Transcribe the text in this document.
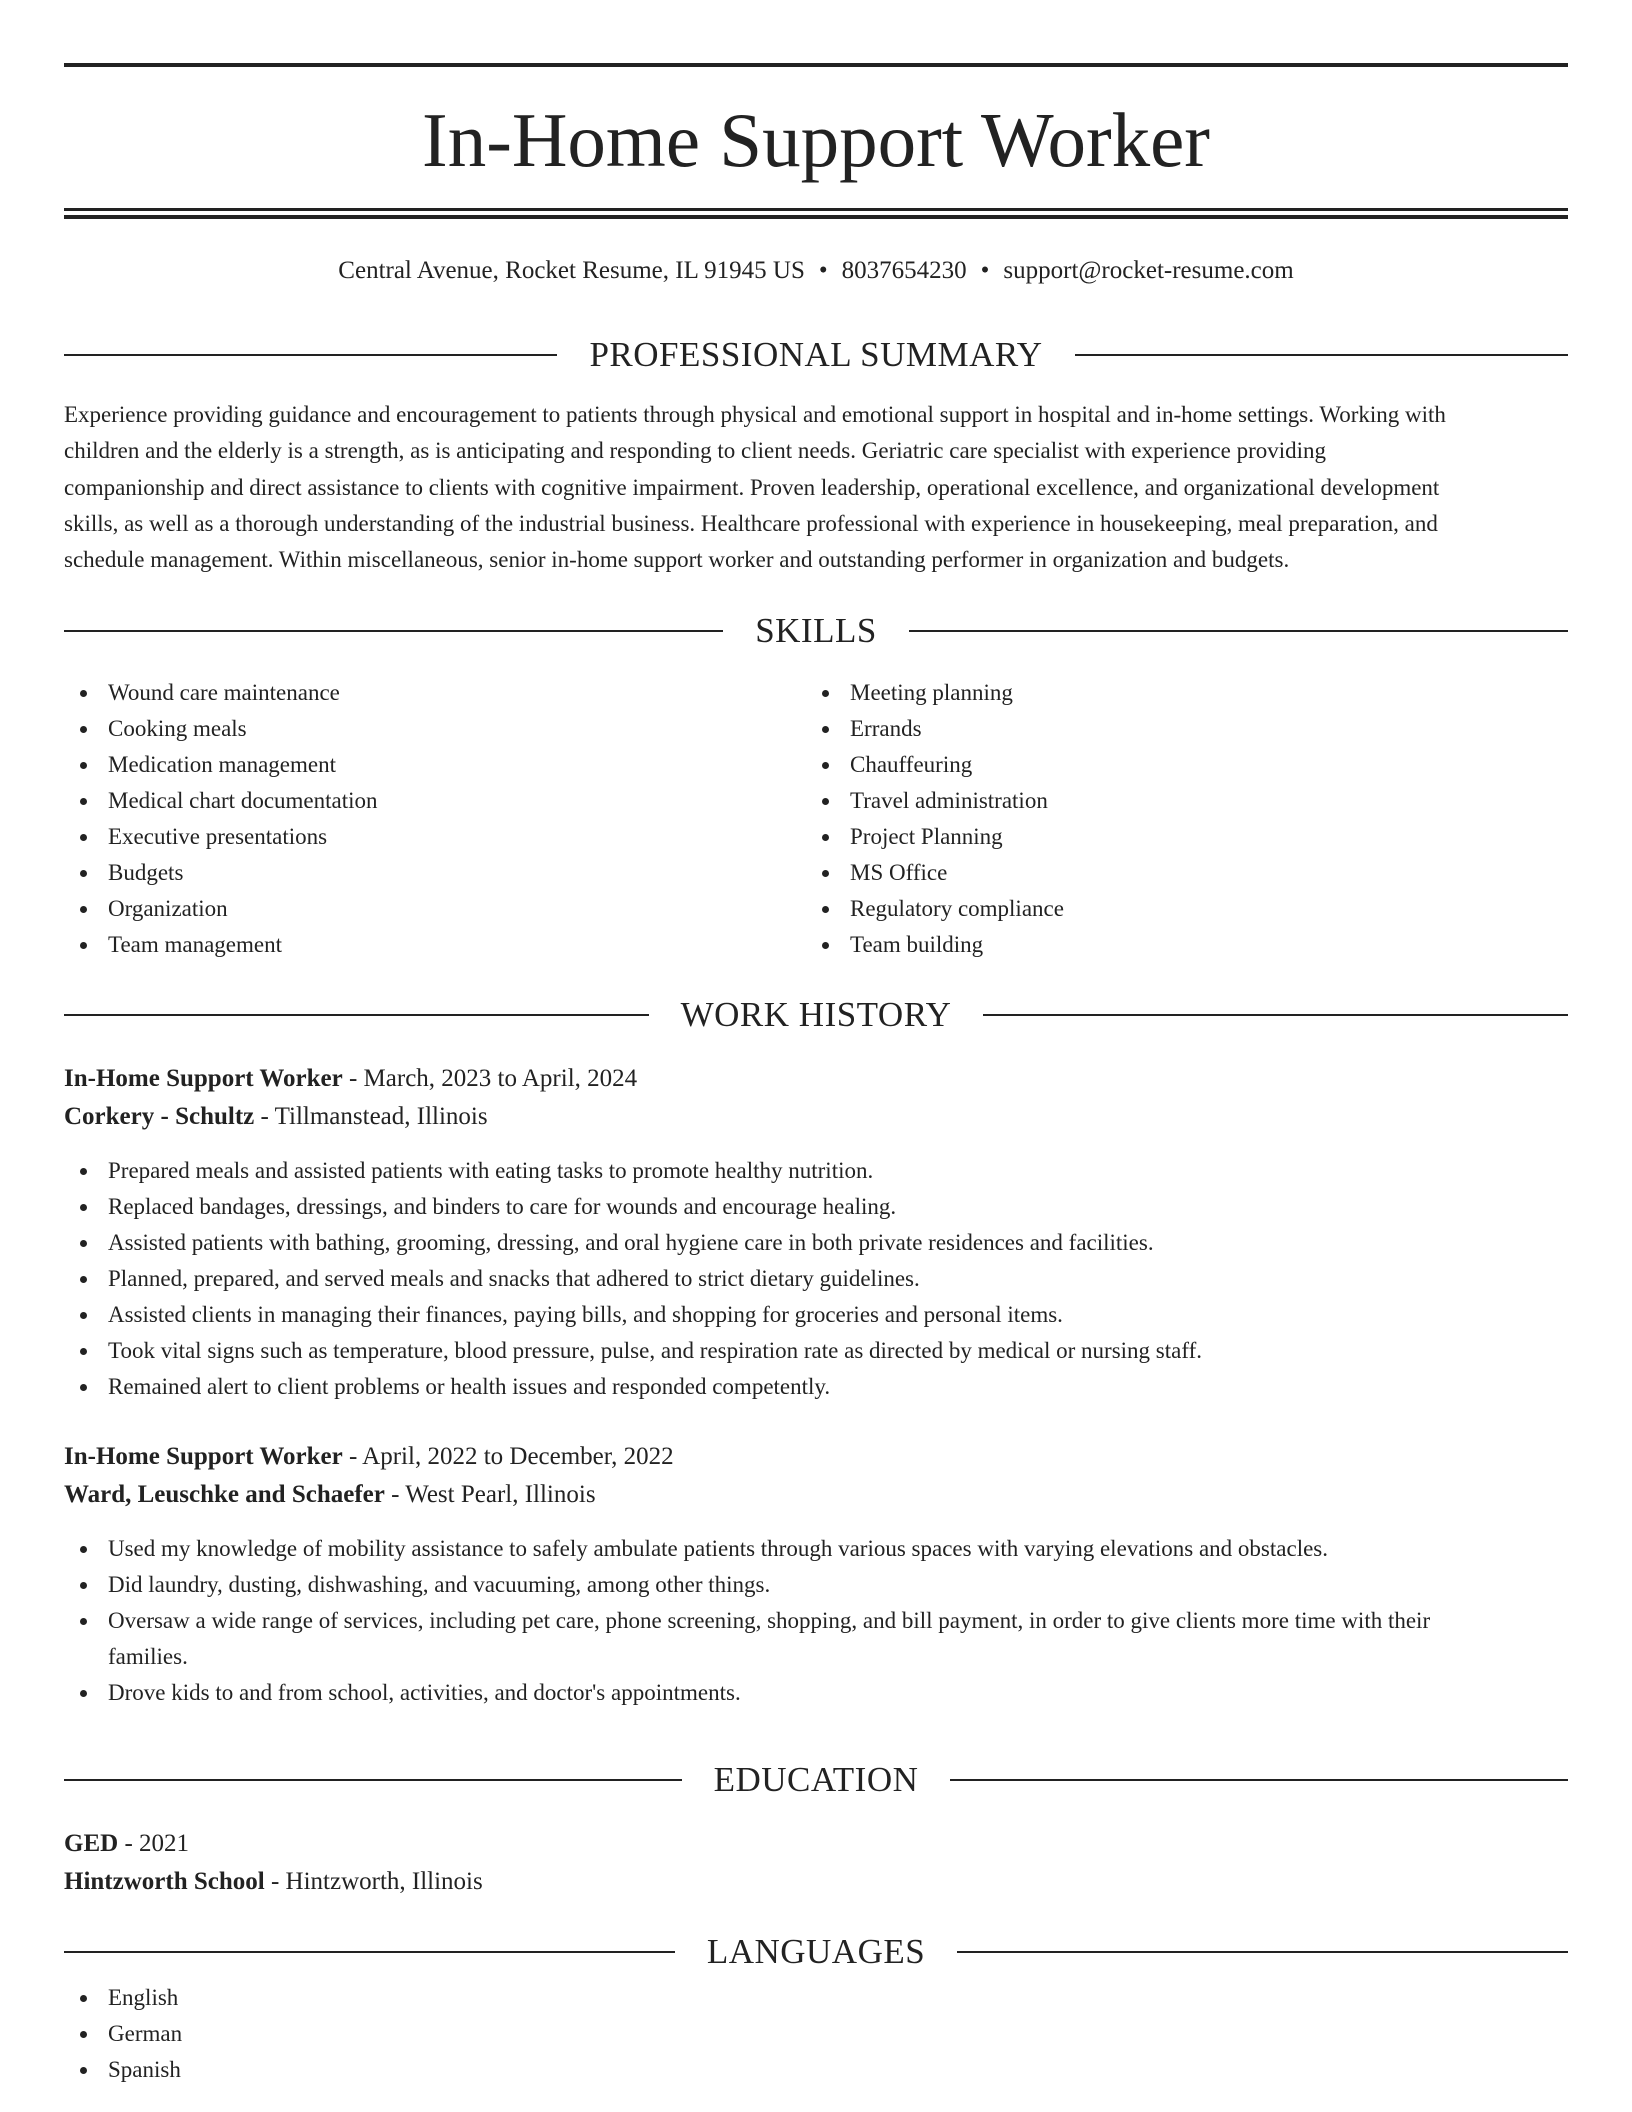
In-Home Support Worker
Central Avenue, Rocket Resume, IL 91945 US • 8037654230 • support@rocket-resume.com
PROFESSIONAL SUMMARY
Experience providing guidance and encouragement to patients through physical and emotional support in hospital and in-home settings. Working with
children and the elderly is a strength, as is anticipating and responding to client needs. Geriatric care specialist with experience providing
companionship and direct assistance to clients with cognitive impairment. Proven leadership, operational excellence, and organizational development
skills, as well as a thorough understanding of the industrial business. Healthcare professional with experience in housekeeping, meal preparation, and
schedule management. Within miscellaneous, senior in-home support worker and outstanding performer in organization and budgets.
SKILLS
Wound care maintenance
Cooking meals
Medication management
Medical chart documentation
Executive presentations
Budgets
Organization
Team management
Meeting planning
Errands
Chauffeuring
Travel administration
Project Planning
MS Office
Regulatory compliance
Team building
WORK HISTORY
In-Home Support Worker - March, 2023 to April, 2024
Corkery - Schultz - Tillmanstead, Illinois
Prepared meals and assisted patients with eating tasks to promote healthy nutrition.
Replaced bandages, dressings, and binders to care for wounds and encourage healing.
Assisted patients with bathing, grooming, dressing, and oral hygiene care in both private residences and facilities.
Planned, prepared, and served meals and snacks that adhered to strict dietary guidelines.
Assisted clients in managing their finances, paying bills, and shopping for groceries and personal items.
Took vital signs such as temperature, blood pressure, pulse, and respiration rate as directed by medical or nursing staff.
Remained alert to client problems or health issues and responded competently.
In-Home Support Worker - April, 2022 to December, 2022
Ward, Leuschke and Schaefer - West Pearl, Illinois
Used my knowledge of mobility assistance to safely ambulate patients through various spaces with varying elevations and obstacles.
Did laundry, dusting, dishwashing, and vacuuming, among other things.
Oversaw a wide range of services, including pet care, phone screening, shopping, and bill payment, in order to give clients more time with their
families.
Drove kids to and from school, activities, and doctor's appointments.
EDUCATION
GED - 2021
Hintzworth School - Hintzworth, Illinois
LANGUAGES
English
German
Spanish
